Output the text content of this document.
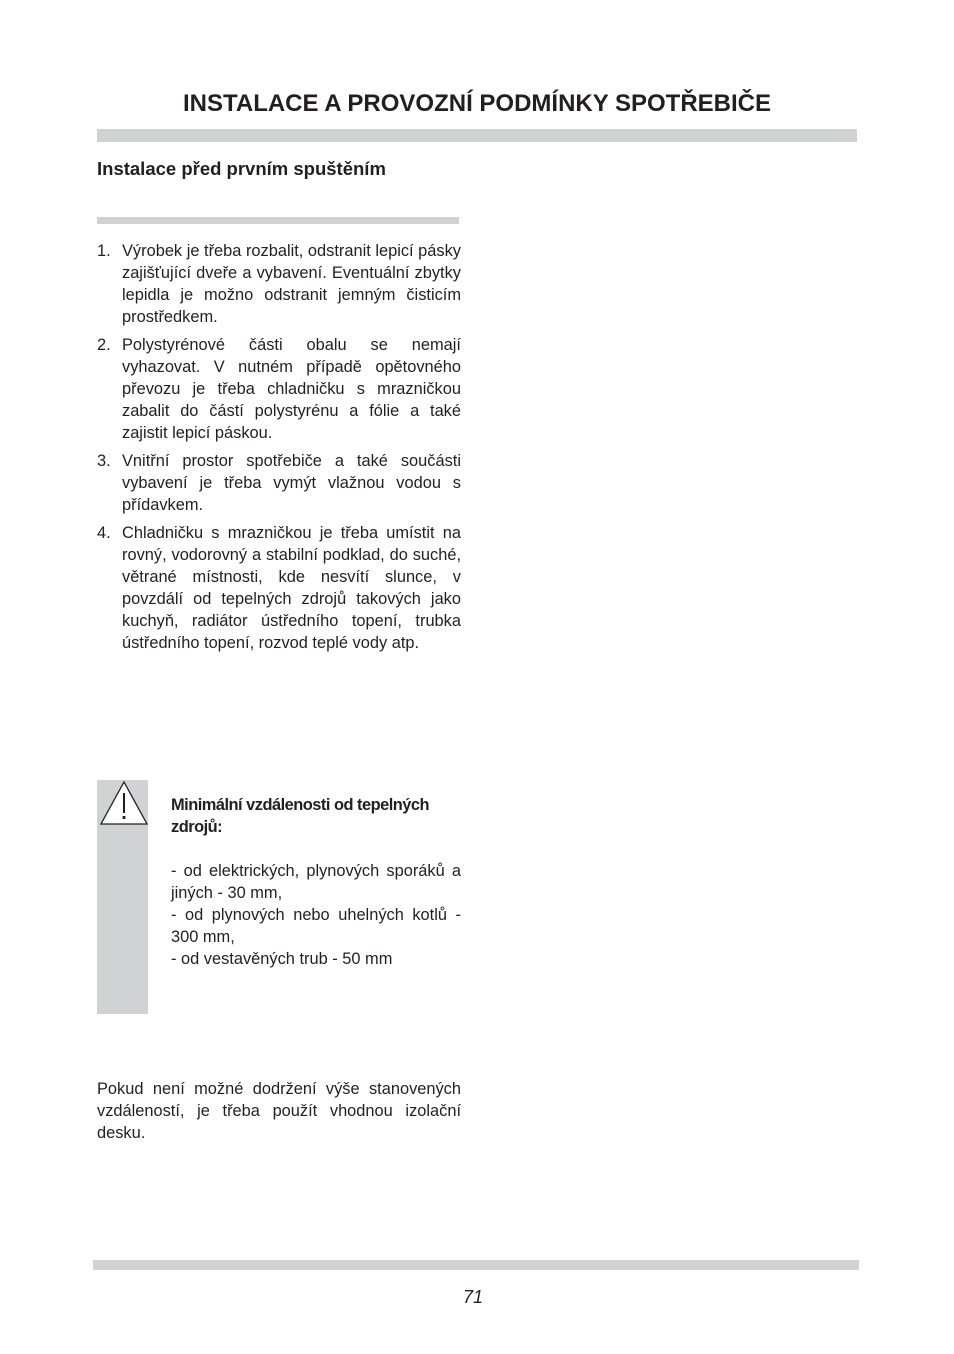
INSTALACE A PROVOZNÍ PODMÍNKY SPOTŘEBIČE
Instalace před prvním spuštěním
1. Výrobek je třeba rozbalit, odstranit lepicí pásky zajišťující dveře a vybavení. Eventuální zbytky lepidla je možno odstranit jemným čisticím prostředkem.
2. Polystyrénové části obalu se nemají vyhazovat. V nutném případě opětovného převozu je třeba chladničku s mrazničkou zabalit do částí polystyrénu a fólie a také zajistit lepicí páskou.
3. Vnitřní prostor spotřebiče a také součásti vybavení je třeba vymýt vlažnou vodou s přídavkem.
4. Chladničku s mrazničkou je třeba umístit na rovný, vodorovný a stabilní podklad, do suché, větrané místnosti, kde nesvítí slunce, v povzdálí od tepelných zdrojů takových jako kuchyň, radiátor ústředního topení, trubka ústředního topení, rozvod teplé vody atp.
Minimální vzdálenosti od tepelných zdrojů:
- od elektrických, plynových sporáků a jiných - 30 mm,
- od plynových nebo uhelných kotlů - 300 mm,
- od vestavěných trub - 50 mm

Pokud není možné dodržení výše stanovených vzdáleností, je třeba použít vhodnou izolační desku.

71
